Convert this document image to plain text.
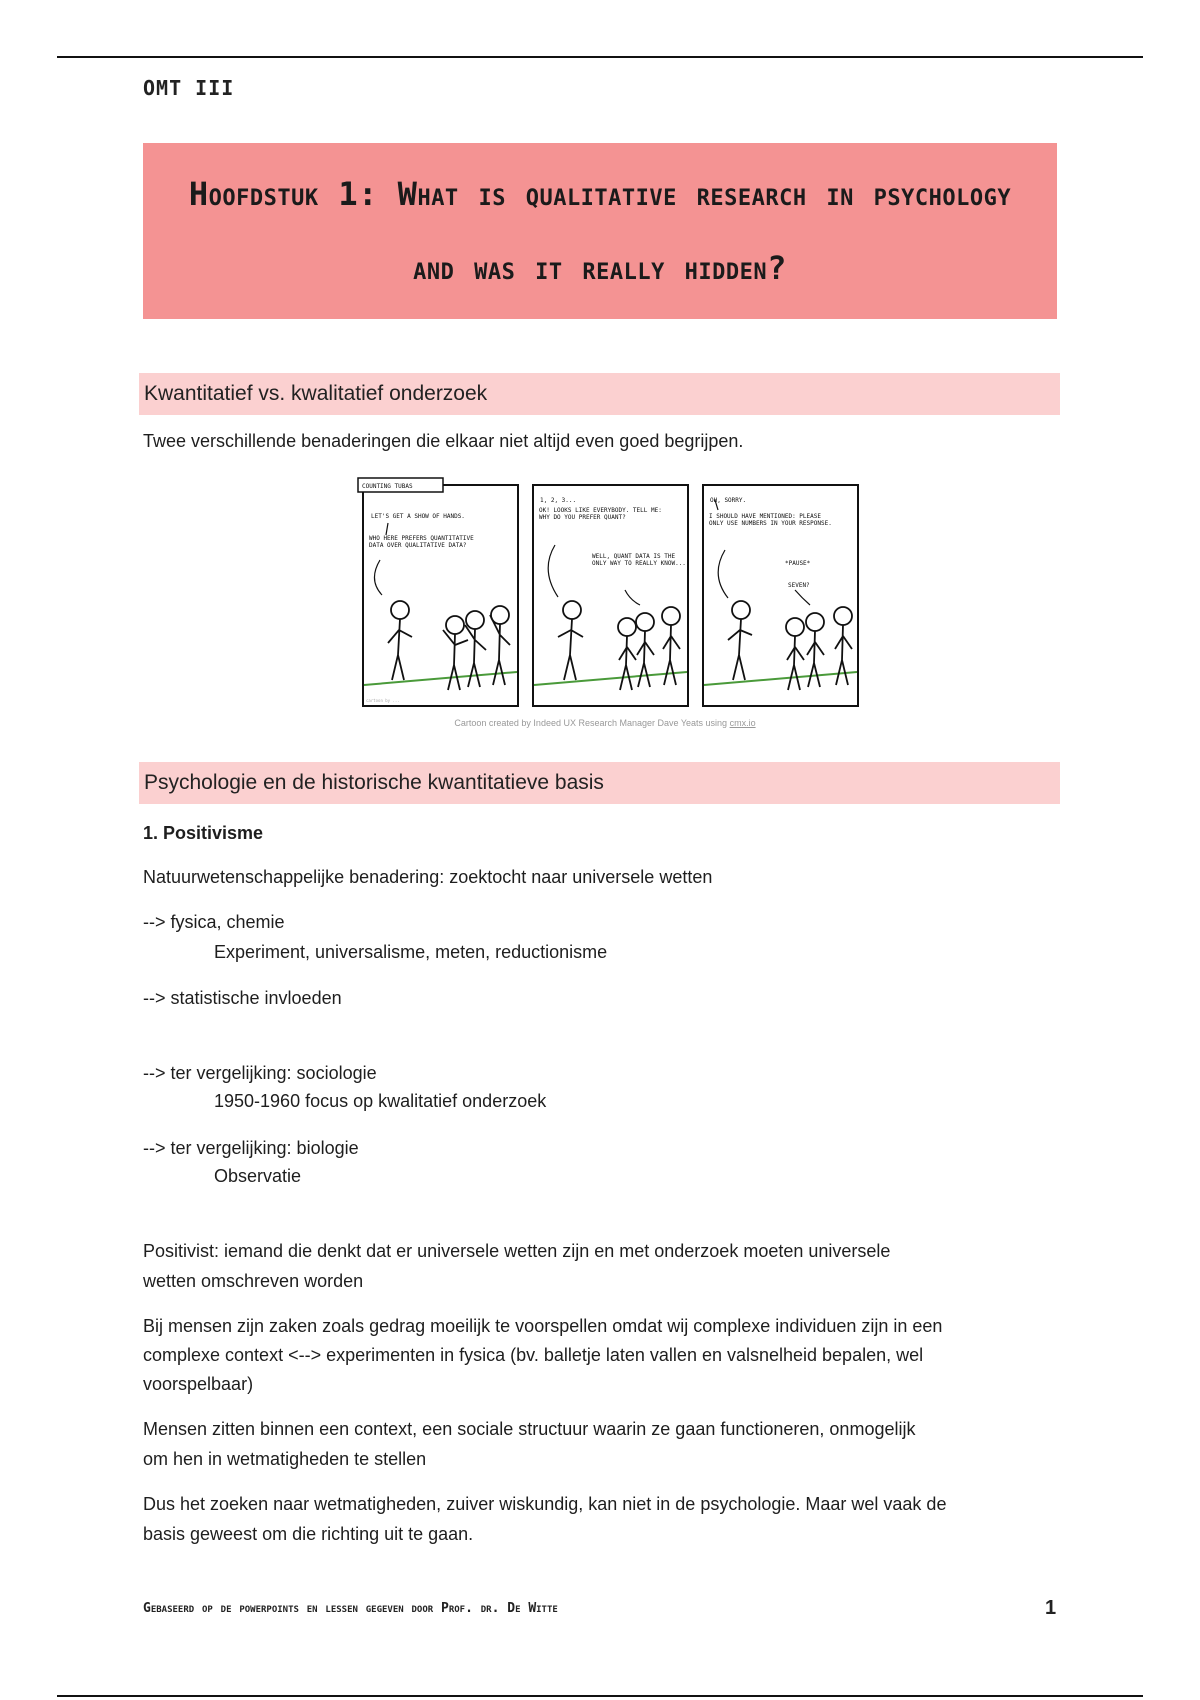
OMT III
Hoofdstuk 1: What is qualitative research in psychology
and was it really hidden?
Kwantitatief vs. kwalitatief onderzoek
Twee verschillende benaderingen die elkaar niet altijd even goed begrijpen.
COUNTING TUBAS
LET'S GET A SHOW OF HANDS.
WHO HERE PREFERS QUANTITATIVE DATA OVER QUALITATIVE DATA?
1, 2, 3...
OK! LOOKS LIKE EVERYBODY. TELL ME: WHY DO YOU PREFER QUANT?
WELL, QUANT DATA IS THE ONLY WAY TO REALLY KNOW...
OH, SORRY.
I SHOULD HAVE MENTIONED: PLEASE ONLY USE NUMBERS IN YOUR RESPONSE.
*PAUSE*
SEVEN?
cartoon by ...
Cartoon created by Indeed UX Research Manager Dave Yeats using cmx.io
Psychologie en de historische kwantitatieve basis
1. Positivisme
Natuurwetenschappelijke benadering: zoektocht naar universele wetten
--> fysica, chemie
Experiment, universalisme, meten, reductionisme
--> statistische invloeden
--> ter vergelijking: sociologie
1950-1960 focus op kwalitatief onderzoek
--> ter vergelijking: biologie
Observatie
Positivist: iemand die denkt dat er universele wetten zijn en met onderzoek moeten universele
wetten omschreven worden
Bij mensen zijn zaken zoals gedrag moeilijk te voorspellen omdat wij complexe individuen zijn in een
complexe context <--> experimenten in fysica (bv. balletje laten vallen en valsnelheid bepalen, wel
voorspelbaar)
Mensen zitten binnen een context, een sociale structuur waarin ze gaan functioneren, onmogelijk
om hen in wetmatigheden te stellen
Dus het zoeken naar wetmatigheden, zuiver wiskundig, kan niet in de psychologie. Maar wel vaak de
basis geweest om die richting uit te gaan.
Gebaseerd op de powerpoints en lessen gegeven door Prof. dr. De Witte	1
